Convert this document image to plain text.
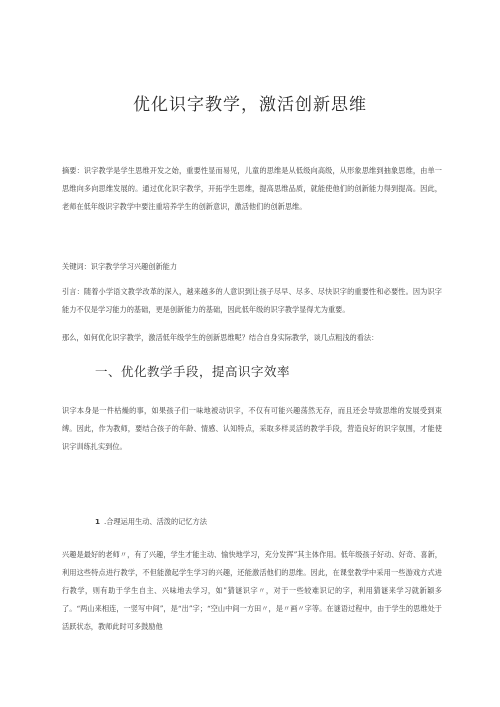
优化识字教学，激活创新思维

摘要：识字教学是学生思维开发之始，重要性显而易见，儿童的思维是从低级向高级，从形象思维到抽象思维，由单一思维向多向思维发展的。通过优化识字教学，开拓学生思维，提高思维品质，就能使他们的创新能力得到提高。因此，老师在低年级识字教学中要注重培养学生的创新意识，激活他们的创新思维。

关键词：识字教学学习兴趣创新能力

引言：随着小学语文教学改革的深入，越来越多的人意识到让孩子尽早、尽多、尽快识字的重要性和必要性。因为识字能力不仅是学习能力的基础，更是创新能力的基础，因此低年级的识字教学显得尤为重要。

那么，如何优化识字教学，激活低年级学生的创新思维呢？结合自身实际教学，谈几点粗浅的看法：

一、优化教学手段，提高识字效率

识字本身是一件枯燥的事，如果孩子们一味地被动识字，不仅有可能兴趣荡然无存，而且还会导致思维的发展受到束缚。因此，作为教师，要结合孩子的年龄、情感、认知特点，采取多样灵活的教学手段，营造良好的识字氛围，才能使识字训练扎实到位。

1 .合理运用生动、活泼的记忆方法

兴趣是最好的老师〃，有了兴趣，学生才能主动、愉快地学习，充分发挥”其主体作用。低年级孩子好动、好奇、喜新，利用这些特点进行教学，不但能激起学生学习的兴趣，还能激活他们的思维。因此，在课堂教学中采用一些游戏方式进行教学，则有助于学生自主、兴味地去学习，如”猜谜识字〃，对于一些较难识记的字，利用猜谜来学习就新颖多了。“两山来相连，一竖写中间”，是“出”字；“空山中间一方田〃，是〃画〃字等。在谜语过程中，由于学生的思维处于活跃状态，教师此时可多鼓励他
